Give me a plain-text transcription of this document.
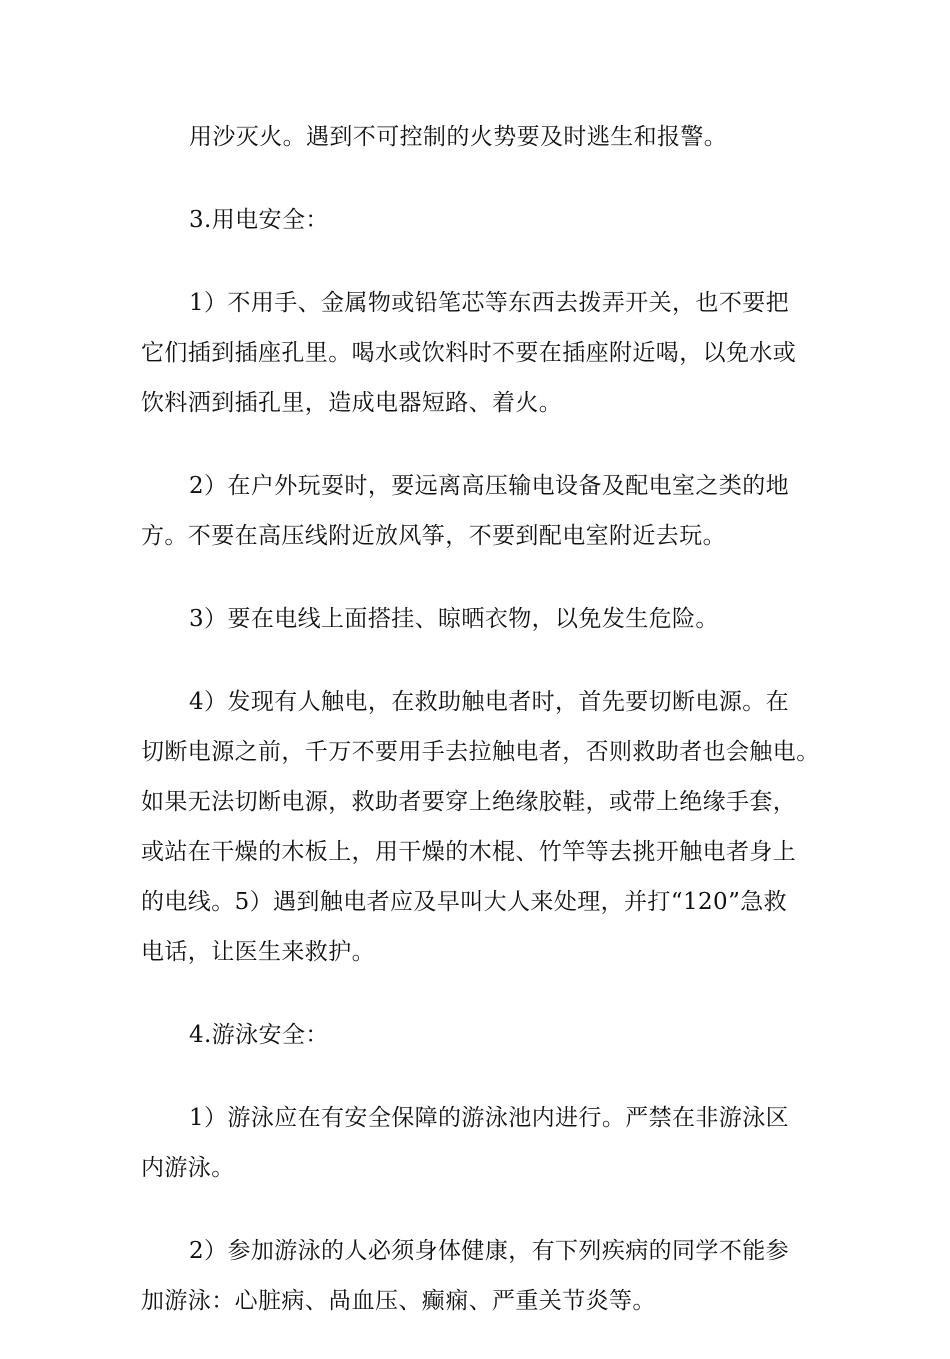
用沙灭火。遇到不可控制的火势要及时逃生和报警。
3.用电安全：
1）不用手、金属物或铅笔芯等东西去拨弄开关，也不要把
它们插到插座孔里。喝水或饮料时不要在插座附近喝，以免水或
饮料洒到插孔里，造成电器短路、着火。
2）在户外玩耍时，要远离高压输电设备及配电室之类的地
方。不要在高压线附近放风筝，不要到配电室附近去玩。
3）要在电线上面搭挂、晾晒衣物，以免发生危险。
4）发现有人触电，在救助触电者时，首先要切断电源。在
切断电源之前，千万不要用手去拉触电者，否则救助者也会触电。
如果无法切断电源，救助者要穿上绝缘胶鞋，或带上绝缘手套，
或站在干燥的木板上，用干燥的木棍、竹竿等去挑开触电者身上
的电线。5）遇到触电者应及早叫大人来处理，并打“120”急救
电话，让医生来救护。
4.游泳安全：
1）游泳应在有安全保障的游泳池内进行。严禁在非游泳区
内游泳。
2）参加游泳的人必须身体健康，有下列疾病的同学不能参
加游泳：心脏病、咼血压、癫痫、严重关节炎等。
